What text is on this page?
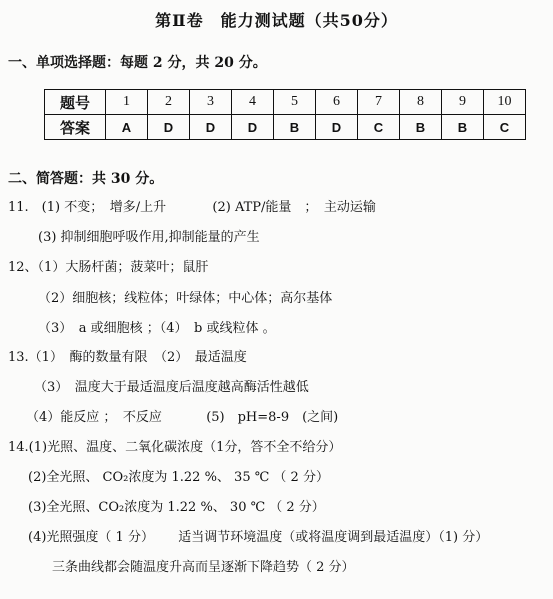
第Ⅱ卷　能力测试题（共50分）
一、单项选择题：每题 2 分，共 20 分。
题号	1	2	3	4	5	6	7	8	9	10
答案	A	D	D	D	B	D	C	B	B	C
二、简答题：共 30 分。
11.　(1) 不变；　增多/上升	(2) ATP/能量　；　主动运输
(3) 抑制细胞呼吸作用,抑制能量的产生
12、（1）大肠杆菌；菠菜叶；鼠肝
（2）细胞核；线粒体；叶绿体；中心体；高尔基体
（3）　a 或细胞核 ；（4）　b 或线粒体 。
13.（1）　酶的数量有限　（2）　最适温度
（3）　温度大于最适温度后温度越高酶活性越低
（4）能反应 ；　不反应	(5)　pH=8-9　(之间)
14.(1)光照、温度、二氧化碳浓度（1分，答不全不给分）
(2)全光照、 CO₂浓度为 1.22 %、 35 ℃ （ 2 分）
(3)全光照、CO₂浓度为 1.22 %、 30 ℃ （ 2 分）
(4)光照强度（ 1 分） 适当调节环境温度（或将温度调到最适温度）（1) 分）
三条曲线都会随温度升高而呈逐渐下降趋势（ 2 分）
